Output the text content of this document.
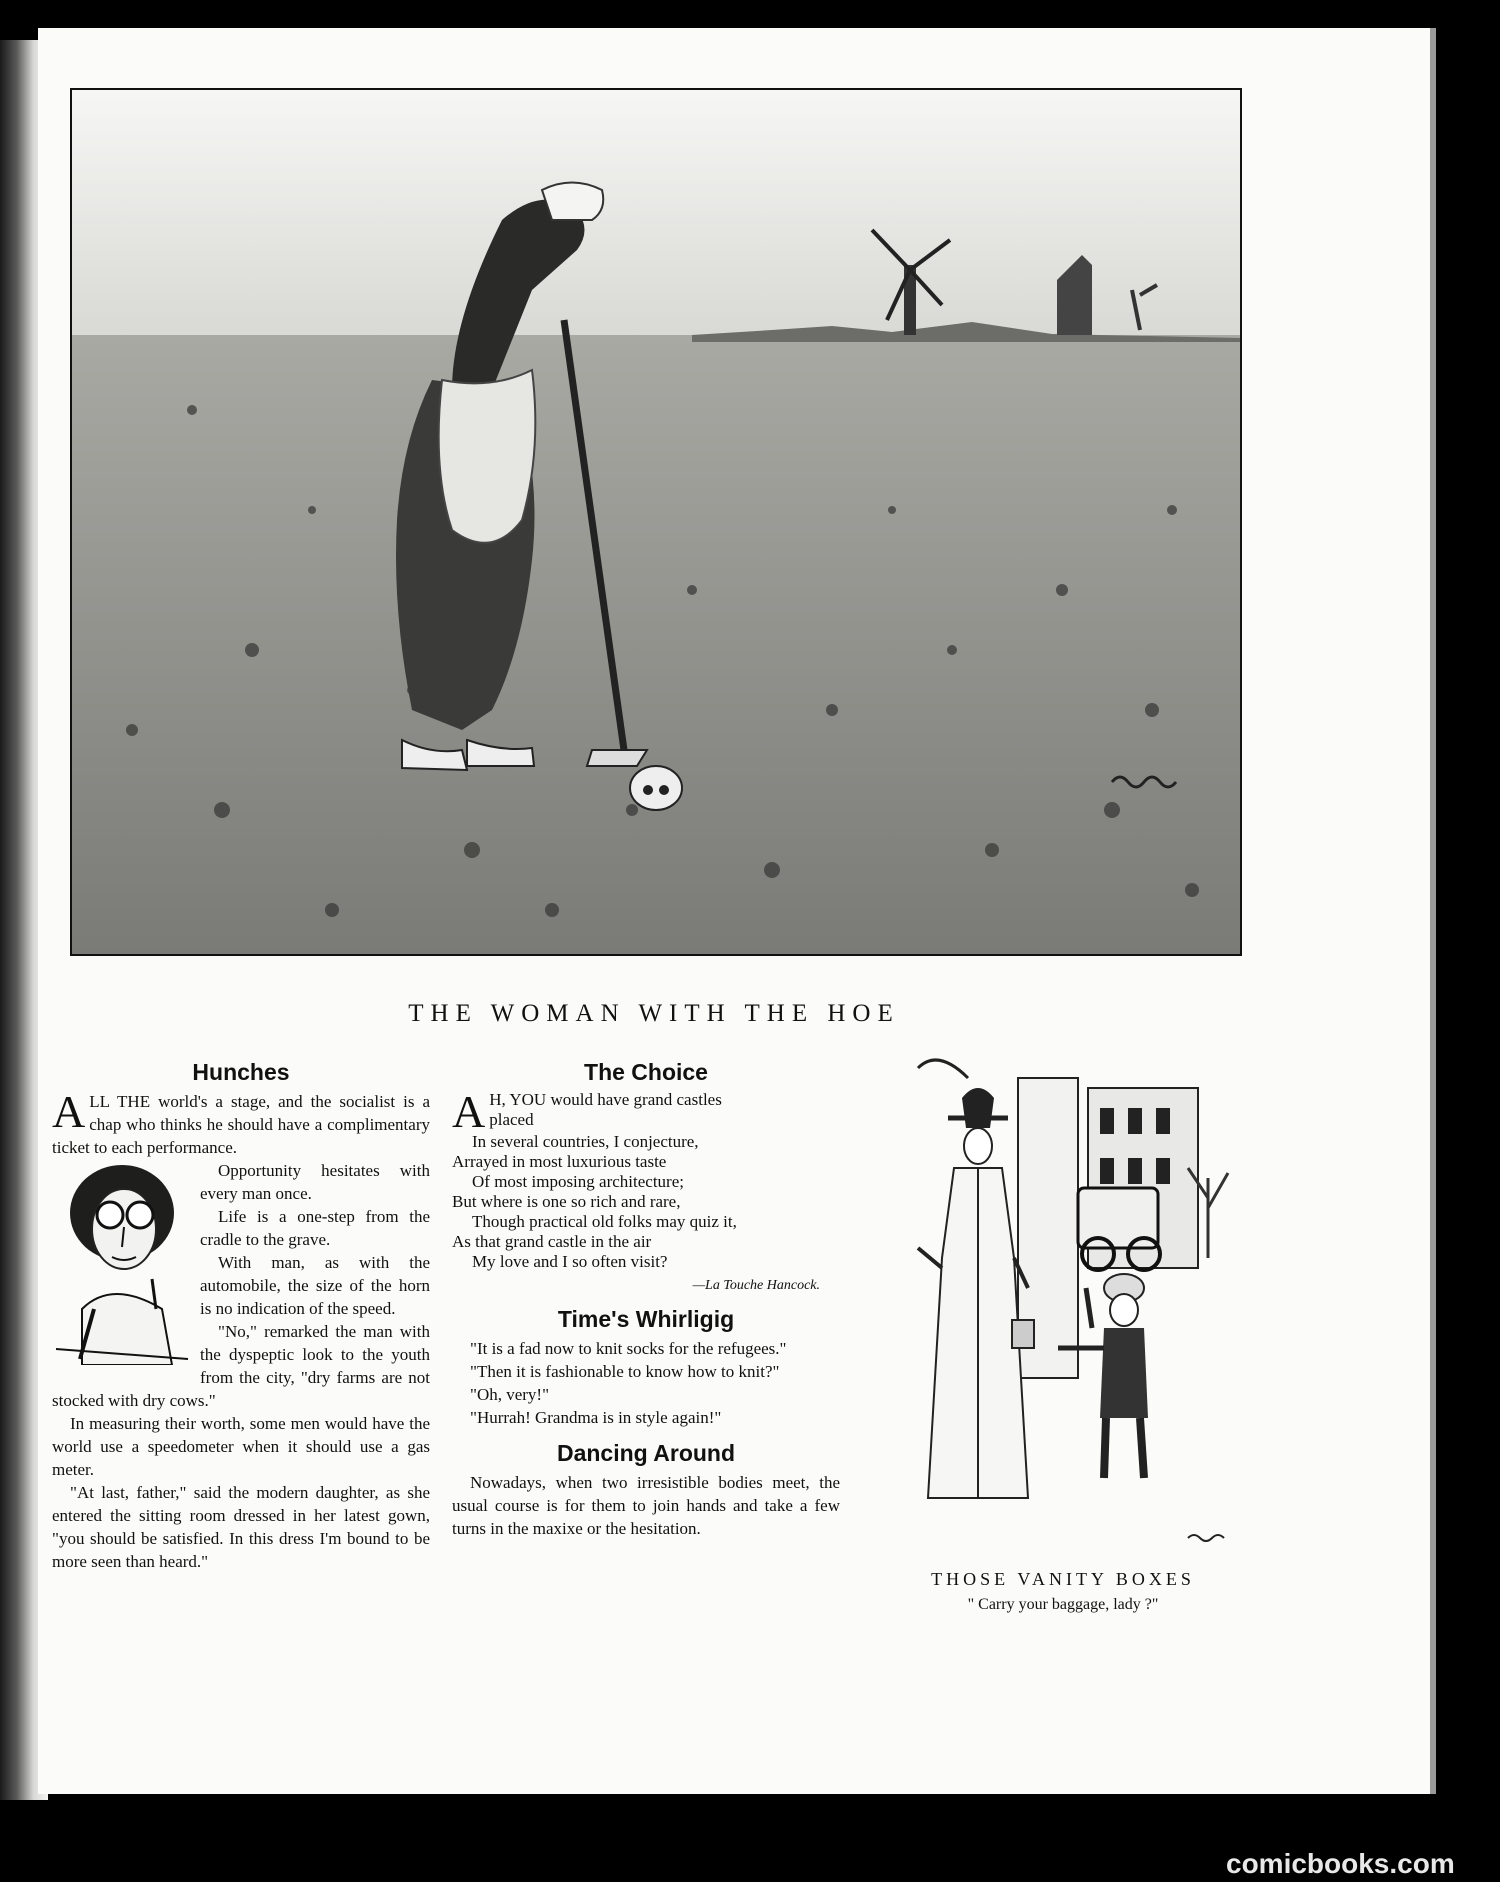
THE WOMAN WITH THE HOE
Hunches

ALL THE world's a stage, and the socialist is a chap who thinks he should have a complimentary ticket to each performance.

Opportunity hesitates with every man once.

Life is a one-step from the cradle to the grave.

With man, as with the automobile, the size of the horn is no indication of the speed.

"No," remarked the man with the dyspeptic look to the youth from the city, "dry farms are not stocked with dry cows."

In measuring their worth, some men would have the world use a speedometer when it should use a gas meter.

"At last, father," said the modern daughter, as she entered the sitting room dressed in her latest gown, "you should be satisfied. In this dress I'm bound to be more seen than heard."

The Choice
A H, YOU would have grand castles
placed
In several countries, I conjecture,
Arrayed in most luxurious taste
Of most imposing architecture;
But where is one so rich and rare,
Though practical old folks may quiz it,
As that grand castle in the air
My love and I so often visit?
—La Touche Hancock.
Time's Whirligig

"It is a fad now to knit socks for the refugees."

"Then it is fashionable to know how to knit?"

"Oh, very!"

"Hurrah! Grandma is in style again!"

Dancing Around

Nowadays, when two irresistible bodies meet, the usual course is for them to join hands and take a few turns in the maxixe or the hesitation.

THOSE VANITY BOXES
" Carry your baggage, lady ?"
comicbooks.com
